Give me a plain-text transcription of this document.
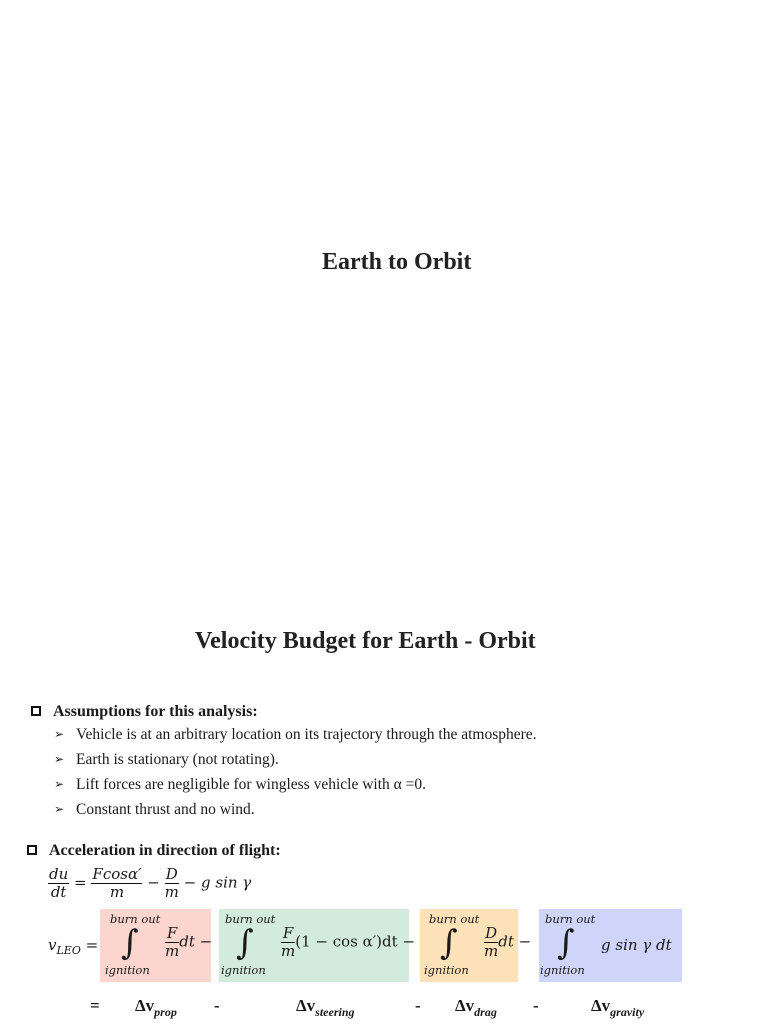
Earth to Orbit
Velocity Budget for Earth - Orbit
Assumptions for this analysis:
➢ Vehicle is at an arbitrary location on its trajectory through the atmosphere.
➢ Earth is stationary (not rotating).
➢ Lift forces are negligible for wingless vehicle with α =0.
➢ Constant thrust and no wind.
Acceleration in direction of flight:
$\frac{du}{dt} = \frac{Fcos\alpha'}{m} - \frac{D}{m} - g$ sin γ
$v_{LEO}$ =
burn out
∫
ignition
$\frac{F}{m}$ dt −
burn out
∫
ignition
$\frac{F}{m} (1 - \cos \alpha')dt$ −
burn out
∫
ignition
$\frac{D}{m}$ dt −
burn out
∫
ignition
g sin γ dt
= $\Delta v_{prop}$ -	$\Delta v_{steering}$	- $\Delta v_{drag}$ -	$\Delta v_{gravity}$
